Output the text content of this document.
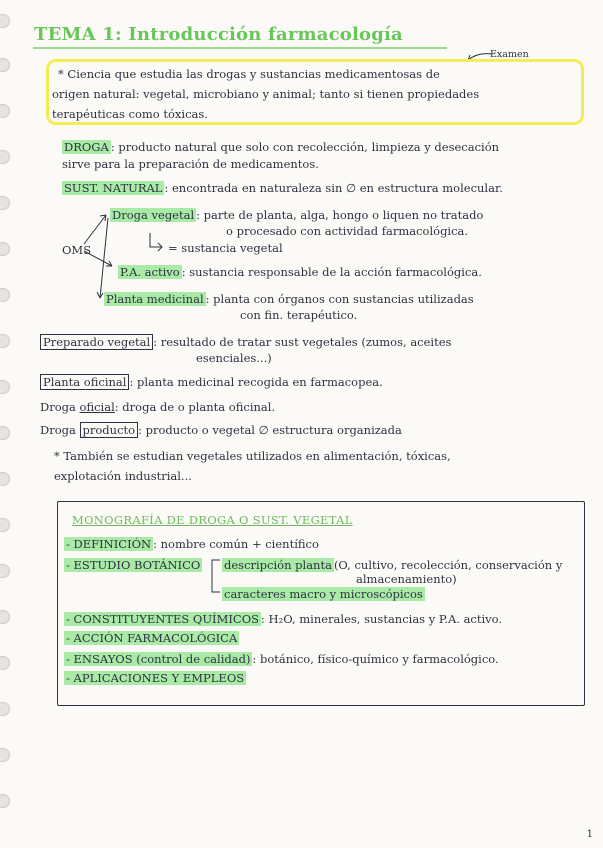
TEMA 1: Introducción farmacología
Examen
* Ciencia que estudia las drogas y sustancias medicamentosas de
origen natural: vegetal, microbiano y animal; tanto si tienen propiedades
terapéuticas como tóxicas.
DROGA : producto natural que solo con recolección, limpieza y desecación
sirve para la preparación de medicamentos.
SUST. NATURAL : encontrada en naturaleza sin ∅ en estructura molecular.
OMS
Droga vegetal : parte de planta, alga, hongo o liquen no tratado
o procesado con actividad farmacológica.
= sustancia vegetal
P.A. activo : sustancia responsable de la acción farmacológica.
Planta medicinal : planta con órganos con sustancias utilizadas
con fin. terapéutico.
Preparado vegetal : resultado de tratar sust vegetales (zumos, aceites
esenciales...)
Planta oficinal : planta medicinal recogida en farmacopea.
Droga oficial: droga de o planta oficinal.
Droga producto : producto o vegetal ∅ estructura organizada
* También se estudian vegetales utilizados en alimentación, tóxicas,
explotación industrial...
MONOGRAFÍA DE DROGA O SUST. VEGETAL
- DEFINICIÓN : nombre común + científico
- ESTUDIO BOTÁNICO descripción planta (O, cultivo, recolección, conservación y
almacenamiento)
caracteres macro y microscópicos
- CONSTITUYENTES QUÍMICOS : H₂O, minerales, sustancias y P.A. activo.
- ACCIÓN FARMACOLÓGICA
- ENSAYOS (control de calidad) : botánico, físico-químico y farmacológico.
- APLICACIONES Y EMPLEOS
1
